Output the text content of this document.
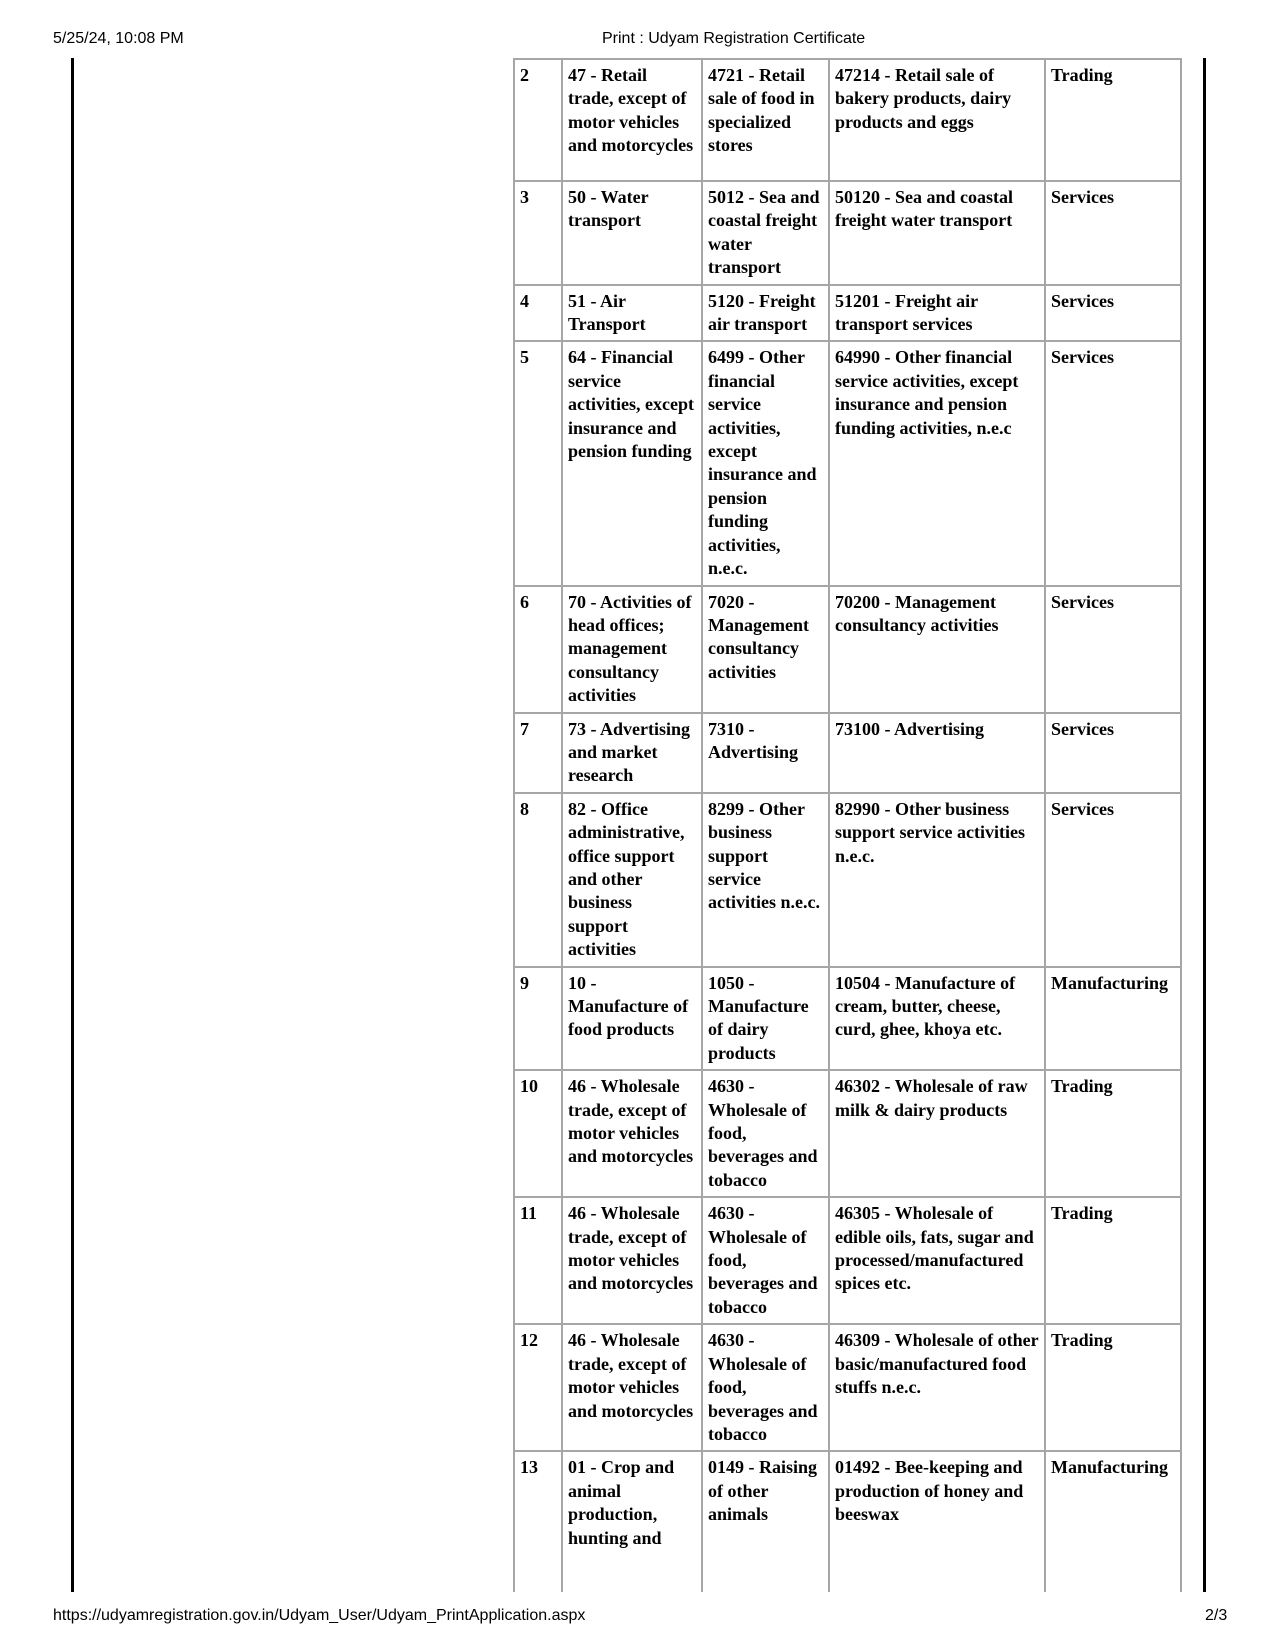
5/25/24, 10:08 PM	Print : Udyam Registration Certificate
2	47 - Retail trade, except of motor vehicles and motorcycles	4721 - Retail sale of food in specialized stores	47214 - Retail sale of bakery products, dairy products and eggs	Trading
3	50 - Water transport	5012 - Sea and coastal freight water transport	50120 - Sea and coastal freight water transport	Services
4	51 - Air Transport	5120 - Freight air transport	51201 - Freight air transport services	Services
5	64 - Financial service activities, except insurance and pension funding	6499 - Other financial service activities, except insurance and pension funding activities, n.e.c.	64990 - Other financial service activities, except insurance and pension funding activities, n.e.c	Services
6	70 - Activities of head offices; management consultancy activities	7020 - Management consultancy activities	70200 - Management consultancy activities	Services
7	73 - Advertising and market research	7310 - Advertising	73100 - Advertising	Services
8	82 - Office administrative, office support and other business support activities	8299 - Other business support service activities n.e.c.	82990 - Other business support service activities n.e.c.	Services
9	10 - Manufacture of food products	1050 - Manufacture of dairy products	10504 - Manufacture of cream, butter, cheese, curd, ghee, khoya etc.	Manufacturing
10	46 - Wholesale trade, except of motor vehicles and motorcycles	4630 - Wholesale of food, beverages and tobacco	46302 - Wholesale of raw milk & dairy products	Trading
11	46 - Wholesale trade, except of motor vehicles and motorcycles	4630 - Wholesale of food, beverages and tobacco	46305 - Wholesale of edible oils, fats, sugar and processed/manufactured spices etc.	Trading
12	46 - Wholesale trade, except of motor vehicles and motorcycles	4630 - Wholesale of food, beverages and tobacco	46309 - Wholesale of other basic/manufactured food stuffs n.e.c.	Trading
13	01 - Crop and animal production, hunting and	0149 - Raising of other animals	01492 - Bee-keeping and production of honey and beeswax	Manufacturing
https://udyamregistration.gov.in/Udyam_User/Udyam_PrintApplication.aspx	2/3
